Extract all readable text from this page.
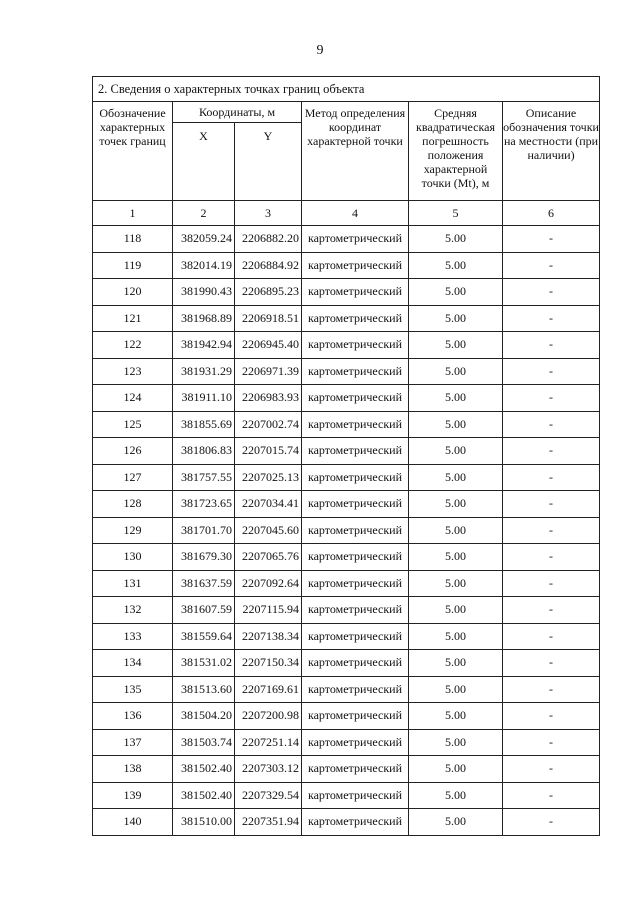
9
2. Сведения о характерных точках границ объекта					
Обозначение характерных точек границ	Координаты, м		Метод определения координат характерной точки	Средняя квадратическая погрешность положения характерной точки (Mt), м	Описание обозначения точки на местности (при наличии)
	X	Y			
1	2	3	4	5	6
118	382059.24	2206882.20	картометрический	5.00	-
119	382014.19	2206884.92	картометрический	5.00	-
120	381990.43	2206895.23	картометрический	5.00	-
121	381968.89	2206918.51	картометрический	5.00	-
122	381942.94	2206945.40	картометрический	5.00	-
123	381931.29	2206971.39	картометрический	5.00	-
124	381911.10	2206983.93	картометрический	5.00	-
125	381855.69	2207002.74	картометрический	5.00	-
126	381806.83	2207015.74	картометрический	5.00	-
127	381757.55	2207025.13	картометрический	5.00	-
128	381723.65	2207034.41	картометрический	5.00	-
129	381701.70	2207045.60	картометрический	5.00	-
130	381679.30	2207065.76	картометрический	5.00	-
131	381637.59	2207092.64	картометрический	5.00	-
132	381607.59	2207115.94	картометрический	5.00	-
133	381559.64	2207138.34	картометрический	5.00	-
134	381531.02	2207150.34	картометрический	5.00	-
135	381513.60	2207169.61	картометрический	5.00	-
136	381504.20	2207200.98	картометрический	5.00	-
137	381503.74	2207251.14	картометрический	5.00	-
138	381502.40	2207303.12	картометрический	5.00	-
139	381502.40	2207329.54	картометрический	5.00	-
140	381510.00	2207351.94	картометрический	5.00	-
